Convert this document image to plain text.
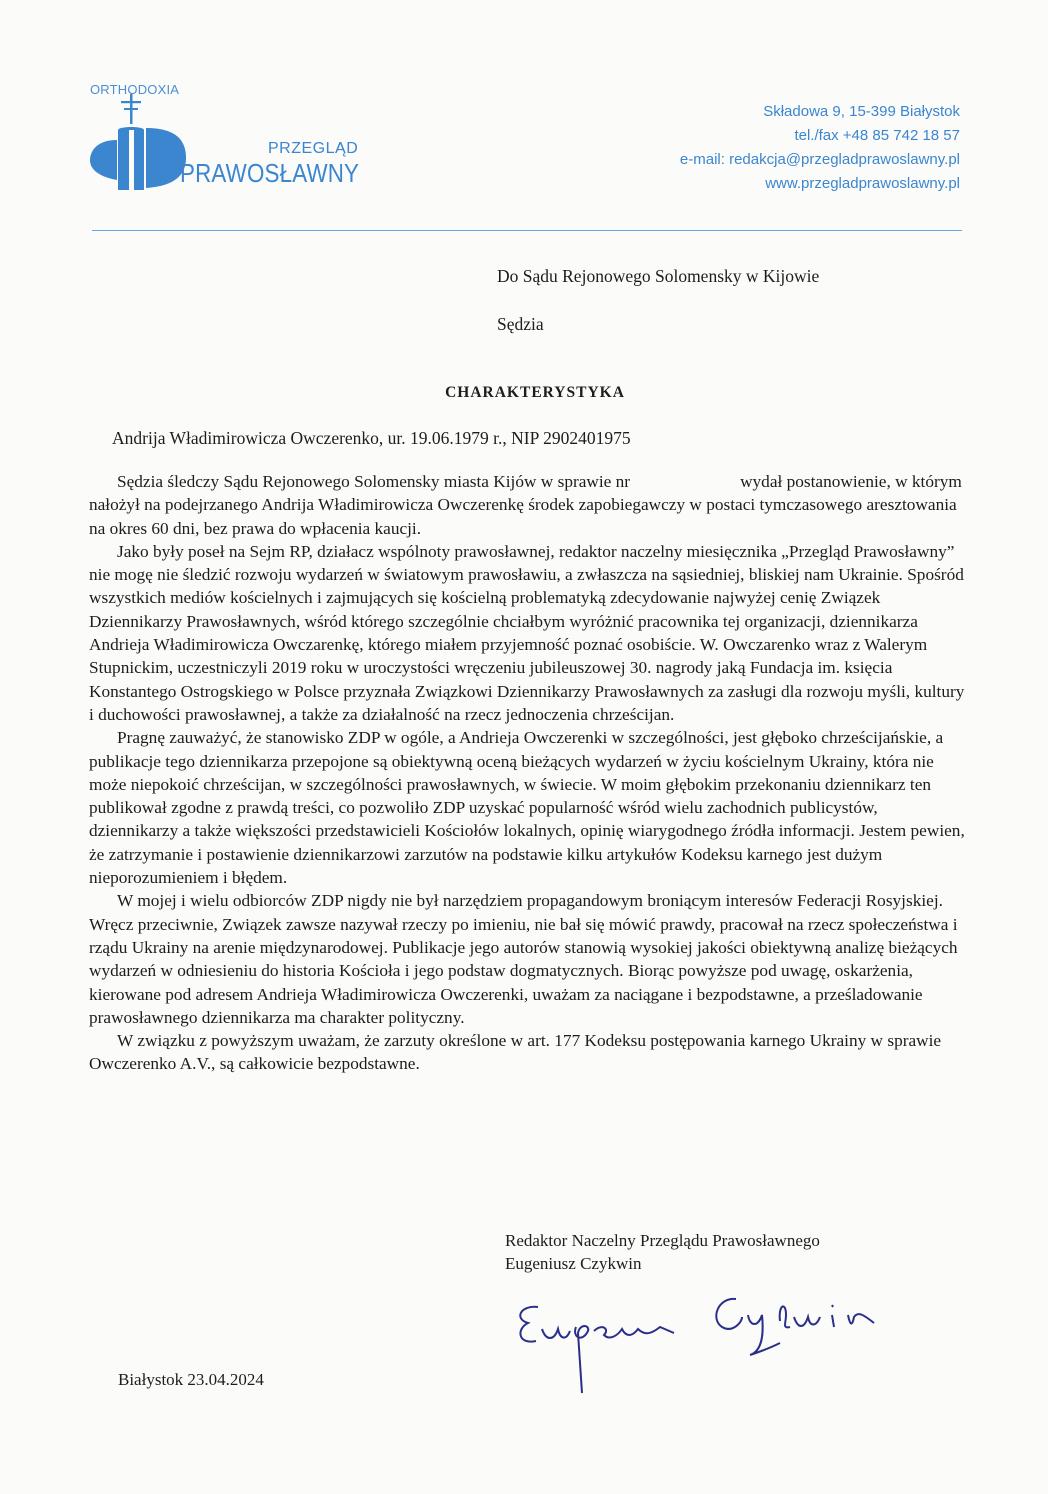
ORTHODOXIA
PRZEGLĄD
PRAWOSŁAWNY
Składowa 9, 15-399 Białystok
tel./fax +48 85 742 18 57
e-mail: redakcja@przegladprawoslawny.pl
www.przegladprawoslawny.pl
Do Sądu Rejonowego Solomensky w Kijowie
Sędzia
CHARAKTERYSTYKA
Andrija Władimirowicza Owczerenko, ur. 19.06.1979 r., NIP 2902401975

Sędzia śledczy Sądu Rejonowego Solomensky miasta Kijów w sprawie nr	wydał postanowienie, w którym nałożył na podejrzanego Andrija Władimirowicza Owczerenkę środek zapobiegawczy w postaci tymczasowego aresztowania na okres 60 dni, bez prawa do wpłacenia kaucji.

Jako były poseł na Sejm RP, działacz wspólnoty prawosławnej, redaktor naczelny miesięcznika „Przegląd Prawosławny” nie mogę nie śledzić rozwoju wydarzeń w światowym prawosławiu, a zwłaszcza na sąsiedniej, bliskiej nam Ukrainie. Spośród wszystkich mediów kościelnych i zajmujących się kościelną problematyką zdecydowanie najwyżej cenię Związek Dziennikarzy Prawosławnych, wśród którego szczególnie chciałbym wyróżnić pracownika tej organizacji, dziennikarza Andrieja Władimirowicza Owczarenkę, którego miałem przyjemność poznać osobiście. W. Owczarenko wraz z Walerym Stupnickim, uczestniczyli 2019 roku w uroczystości wręczeniu jubileuszowej 30. nagrody jaką Fundacja im. księcia Konstantego Ostrogskiego w Polsce przyznała Związkowi Dziennikarzy Prawosławnych za zasługi dla rozwoju myśli, kultury i duchowości prawosławnej, a także za działalność na rzecz jednoczenia chrześcijan.

Pragnę zauważyć, że stanowisko ZDP w ogóle, a Andrieja Owczerenki w szczególności, jest głęboko chrześcijańskie, a publikacje tego dziennikarza przepojone są obiektywną oceną bieżących wydarzeń w życiu kościelnym Ukrainy, która nie może niepokoić chrześcijan, w szczególności prawosławnych, w świecie. W moim głębokim przekonaniu dziennikarz ten publikował zgodne z prawdą treści, co pozwoliło ZDP uzyskać popularność wśród wielu zachodnich publicystów, dziennikarzy a także większości przedstawicieli Kościołów lokalnych, opinię wiarygodnego źródła informacji. Jestem pewien, że zatrzymanie i postawienie dziennikarzowi zarzutów na podstawie kilku artykułów Kodeksu karnego jest dużym nieporozumieniem i błędem.

W mojej i wielu odbiorców ZDP nigdy nie był narzędziem propagandowym broniącym interesów Federacji Rosyjskiej. Wręcz przeciwnie, Związek zawsze nazywał rzeczy po imieniu, nie bał się mówić prawdy, pracował na rzecz społeczeństwa i rządu Ukrainy na arenie międzynarodowej. Publikacje jego autorów stanowią wysokiej jakości obiektywną analizę bieżących wydarzeń w odniesieniu do historia Kościoła i jego podstaw dogmatycznych. Biorąc powyższe pod uwagę, oskarżenia, kierowane pod adresem Andrieja Władimirowicza Owczerenki, uważam za naciągane i bezpodstawne, a prześladowanie prawosławnego dziennikarza ma charakter polityczny.

W związku z powyższym uważam, że zarzuty określone w art. 177 Kodeksu postępowania karnego Ukrainy w sprawie Owczerenko A.V., są całkowicie bezpodstawne.

Redaktor Naczelny Przeglądu Prawosławnego
Eugeniusz Czykwin
Białystok 23.04.2024
